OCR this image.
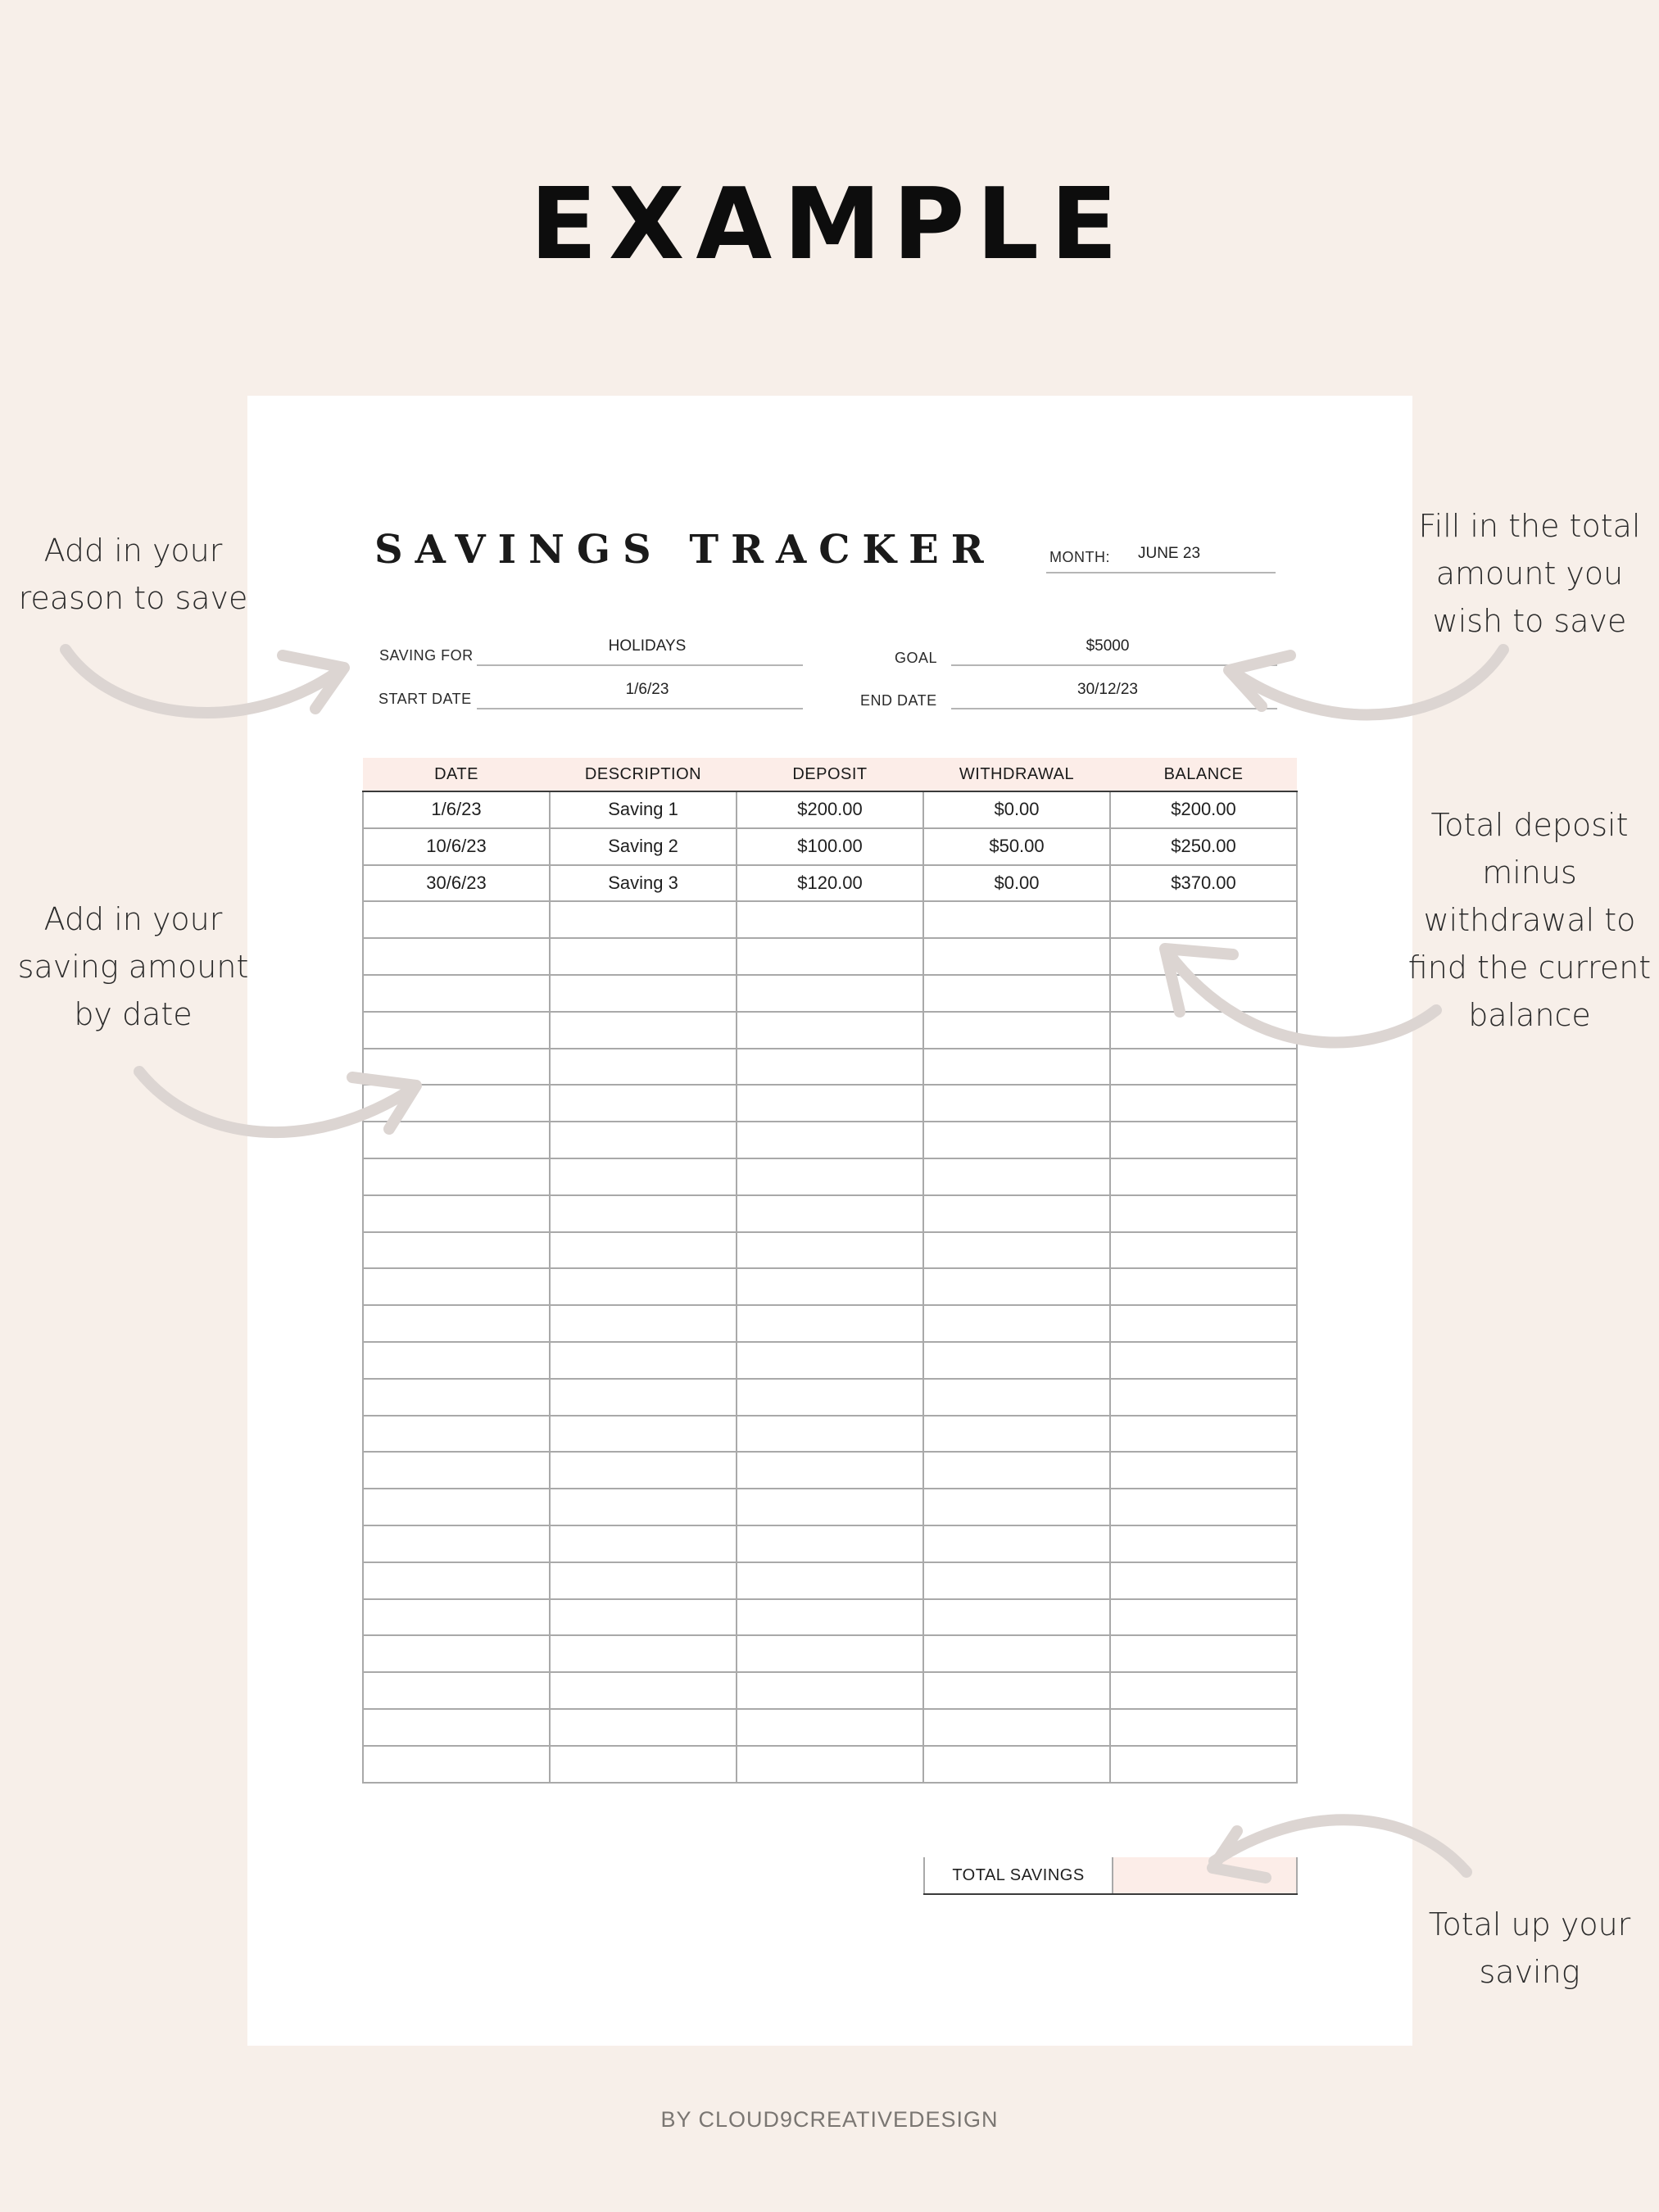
EXAMPLE
SAVINGS TRACKER	MONTH:	JUNE 23
SAVING FOR
HOLIDAYS
START DATE
1/6/23
GOAL
$5000
END DATE
30/12/23
DATE	DESCRIPTION	DEPOSIT	WITHDRAWAL	BALANCE
1/6/23	Saving 1	$200.00	$0.00	$200.00
10/6/23	Saving 2	$100.00	$50.00	$250.00
30/6/23	Saving 3	$120.00	$0.00	$370.00

TOTAL SAVINGS
Add in your
reason to save
Fill in the total
amount you
wish to save
Add in your
saving amount
by date
Total deposit
minus
withdrawal to
find the current
balance
Total up your
saving
BY CLOUD9CREATIVEDESIGN
